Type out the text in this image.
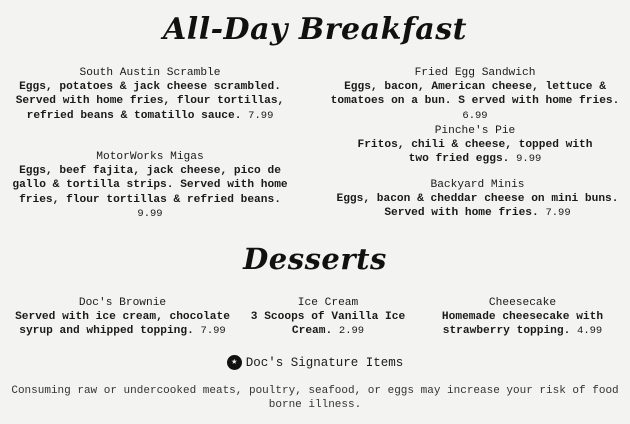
All-Day Breakfast
South Austin Scramble
Eggs, potatoes & jack cheese scrambled. Served with home fries, flour tortillas, refried beans & tomatillo sauce. 7.99
MotorWorks Migas
Eggs, beef fajita, jack cheese, pico de gallo & tortilla strips. Served with home fries, flour tortillas & refried beans. 9.99
Fried Egg Sandwich
Eggs, bacon, American cheese, lettuce & tomatoes on a bun. S erved with home fries. 6.99
Pinche's Pie
Fritos, chili & cheese, topped with two fried eggs. 9.99
Backyard Minis
Eggs, bacon & cheddar cheese on mini buns. Served with home fries. 7.99
Desserts
Doc's Brownie
Served with ice cream, chocolate syrup and whipped topping. 7.99
Ice Cream
3 Scoops of Vanilla Ice Cream. 2.99
Cheesecake
Homemade cheesecake with strawberry topping. 4.99
★ Doc's Signature Items
Consuming raw or undercooked meats, poultry, seafood, or eggs may increase your risk of food borne illness.
